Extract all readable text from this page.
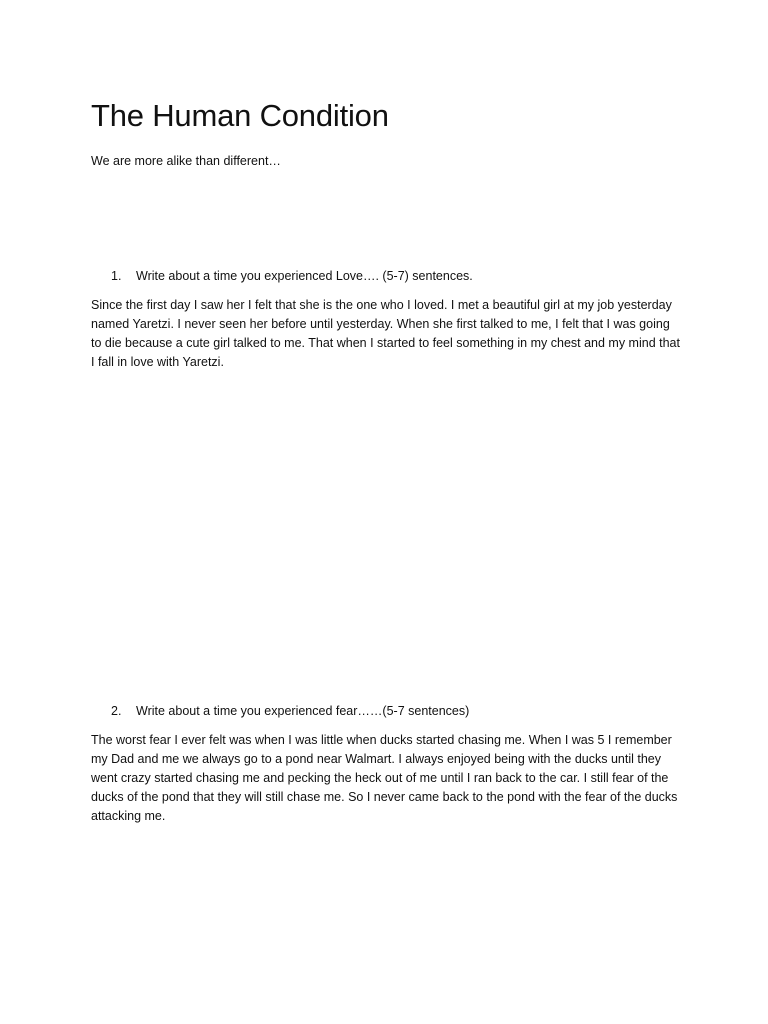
The Human Condition

We are more alike than different…

1. Write about a time you experienced Love…. (5-7) sentences.

Since the first day I saw her I felt that she is the one who I loved. I met a beautiful girl at my job yesterday named Yaretzi. I never seen her before until yesterday. When she first talked to me, I felt that I was going to die because a cute girl talked to me. That when I started to feel something in my chest and my mind that I fall in love with Yaretzi.

2. Write about a time you experienced fear……(5-7 sentences)

The worst fear I ever felt was when I was little when ducks started chasing me. When I was 5 I remember my Dad and me we always go to a pond near Walmart. I always enjoyed being with the ducks until they went crazy started chasing me and pecking the heck out of me until I ran back to the car. I still fear of the ducks of the pond that they will still chase me. So I never came back to the pond with the fear of the ducks attacking me.
